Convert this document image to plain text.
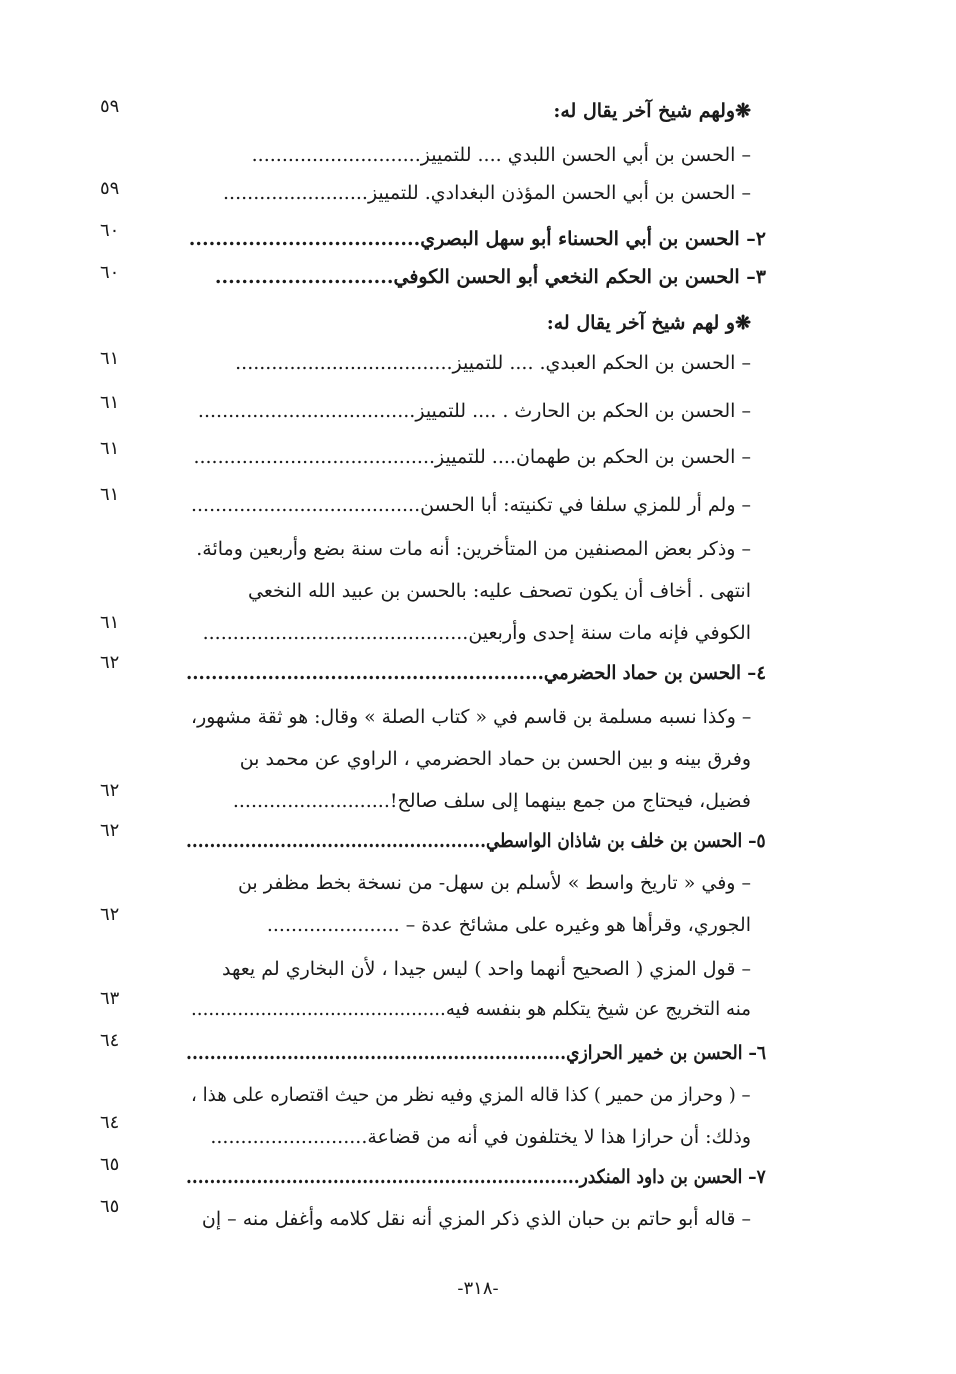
❋ولهم شيخ آخر يقال له:
– الحسن بن أبي الحسن اللبدي .... للتمييز............................
– الحسن بن أبي الحسن المؤذن البغدادي. للتمييز........................
٢– الحسن بن أبي الحسناء أبو سهل البصري...................................
٣– الحسن بن الحكم النخعي أبو الحسن الكوفي...........................
❋و لهم شيخ آخر يقال له:
– الحسن بن الحكم العبدي. .... للتمييز....................................
– الحسن بن الحكم بن الحارث . .... للتمييز....................................
– الحسن بن الحكم بن طهمان.... للتمييز........................................
– ولم أر للمزي سلفا في تكنيته: أبا الحسن......................................
– وذكر بعض المصنفين من المتأخرين: أنه مات سنة بضع وأربعين ومائة.
انتهى . أخاف أن يكون تصحف عليه: بالحسن بن عبيد الله النخعي
الكوفي فإنه مات سنة إحدى وأربعين............................................
٤– الحسن بن حماد الحضرمي.........................................................
– وكذا نسبه مسلمة بن قاسم في « كتاب الصلة » وقال: هو ثقة مشهور،
وفرق بينه و بين الحسن بن حماد الحضرمي ، الراوي عن محمد بن
فضيل، فيحتاج من جمع بينهما إلى سلف صالح!..........................
٥– الحسن بن خلف بن شاذان الواسطي...................................................
– وفي « تاريخ واسط » لأسلم بن سهل- من نسخة بخط مظفر بن
الجوري، وقرأها هو وغيره على مشائخ عدة – ......................
– قول المزي ( الصحيح أنهما واحد ) ليس جيدا ، لأن البخاري لم يعهد
منه التخريج عن شيخ يتكلم هو بنفسه فيه............................................
٦– الحسن بن خمير الحرازي................................................................
– ( وحراز من حمير ) كذا قاله المزي وفيه نظر من حيث اقتصاره على هذا ،
وذلك: أن حرازا هذا لا يختلفون في أنه من قضاعة..........................
٧– الحسن بن داود المنكدر...................................................................
– قاله أبو حاتم بن حبان الذي ذكر المزي أنه نقل كلامه وأغفل منه – إن
٥٩
٥٩
٦٠
٦٠
٦١
٦١
٦١
٦١
٦١
٦٢
٦٢
٦٢
٦٢
٦٣
٦٤
٦٤
٦٥
٦٥
-٣١٨-
